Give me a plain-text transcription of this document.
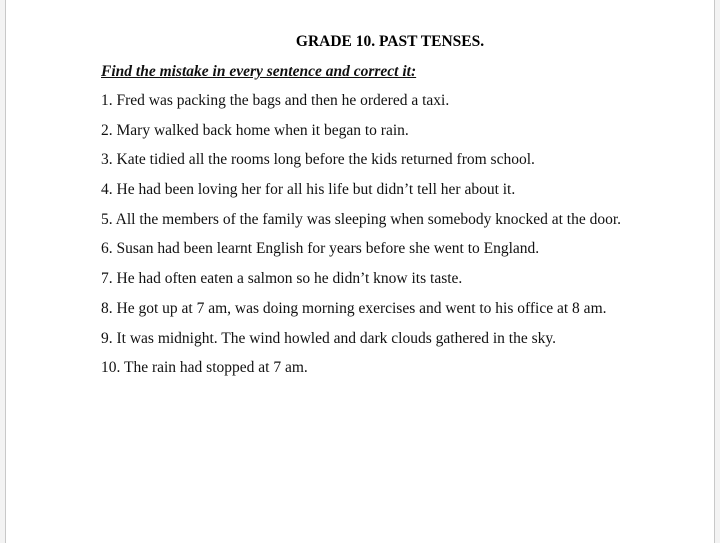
GRADE 10. PAST TENSES.

Find the mistake in every sentence and correct it:

1. Fred was packing the bags and then he ordered a taxi.
2. Mary walked back home when it began to rain.
3. Kate tidied all the rooms long before the kids returned from school.
4. He had been loving her for all his life but didn’t tell her about it.
5. All the members of the family was sleeping when somebody knocked at the door.
6. Susan had been learnt English for years before she went to England.
7. He had often eaten a salmon so he didn’t know its taste.
8. He got up at 7 am, was doing morning exercises and went to his office at 8 am.
9. It was midnight. The wind howled and dark clouds gathered in the sky.
10. The rain had stopped at 7 am.
